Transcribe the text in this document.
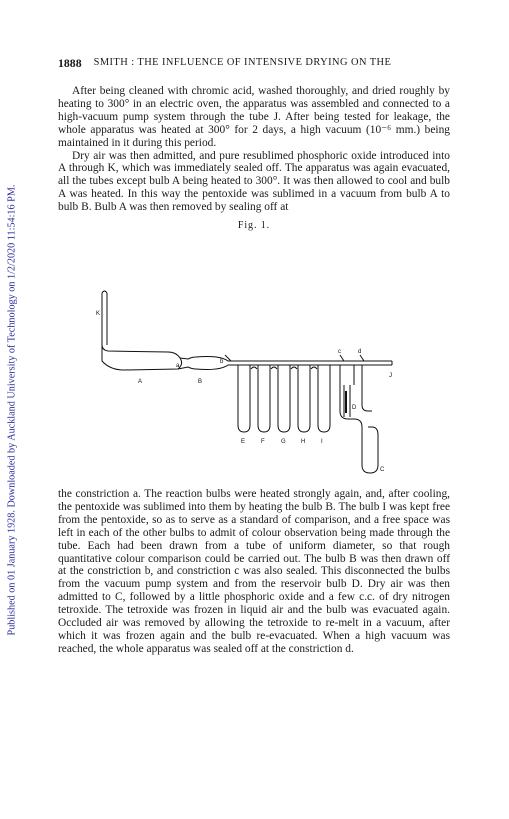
Published on 01 January 1928. Downloaded by Auckland University of Technology on 1/2/2020 11:54:16 PM.
1888 SMITH : THE INFLUENCE OF INTENSIVE DRYING ON THE

After being cleaned with chromic acid, washed thoroughly, and dried roughly by heating to 300° in an electric oven, the apparatus was assembled and connected to a high-vacuum pump system through the tube J. After being tested for leakage, the whole apparatus was heated at 300° for 2 days, a high vacuum (10⁻⁶ mm.) being maintained in it during this period.

Dry air was then admitted, and pure resublimed phosphoric oxide introduced into A through K, which was immediately sealed off. The apparatus was again evacuated, all the tubes except bulb A being heated to 300°. It was then allowed to cool and bulb A was heated. In this way the pentoxide was sublimed in a vacuum from bulb A to bulb B. Bulb A was then removed by sealing off at

Fig. 1.
K
A
a
B
b
c	d
J
D
C
E	F	G	H	I

the constriction a. The reaction bulbs were heated strongly again, and, after cooling, the pentoxide was sublimed into them by heating the bulb B. The bulb I was kept free from the pentoxide, so as to serve as a standard of comparison, and a free space was left in each of the other bulbs to admit of colour observation being made through the tube. Each had been drawn from a tube of uniform diameter, so that rough quantitative colour comparison could be carried out. The bulb B was then drawn off at the constriction b, and constriction c was also sealed. This disconnected the bulbs from the vacuum pump system and from the reservoir bulb D. Dry air was then admitted to C, followed by a little phosphoric oxide and a few c.c. of dry nitrogen tetroxide. The tetroxide was frozen in liquid air and the bulb was evacuated again. Occluded air was removed by allowing the tetroxide to re-melt in a vacuum, after which it was frozen again and the bulb re-evacuated. When a high vacuum was reached, the whole apparatus was sealed off at the constriction d.
